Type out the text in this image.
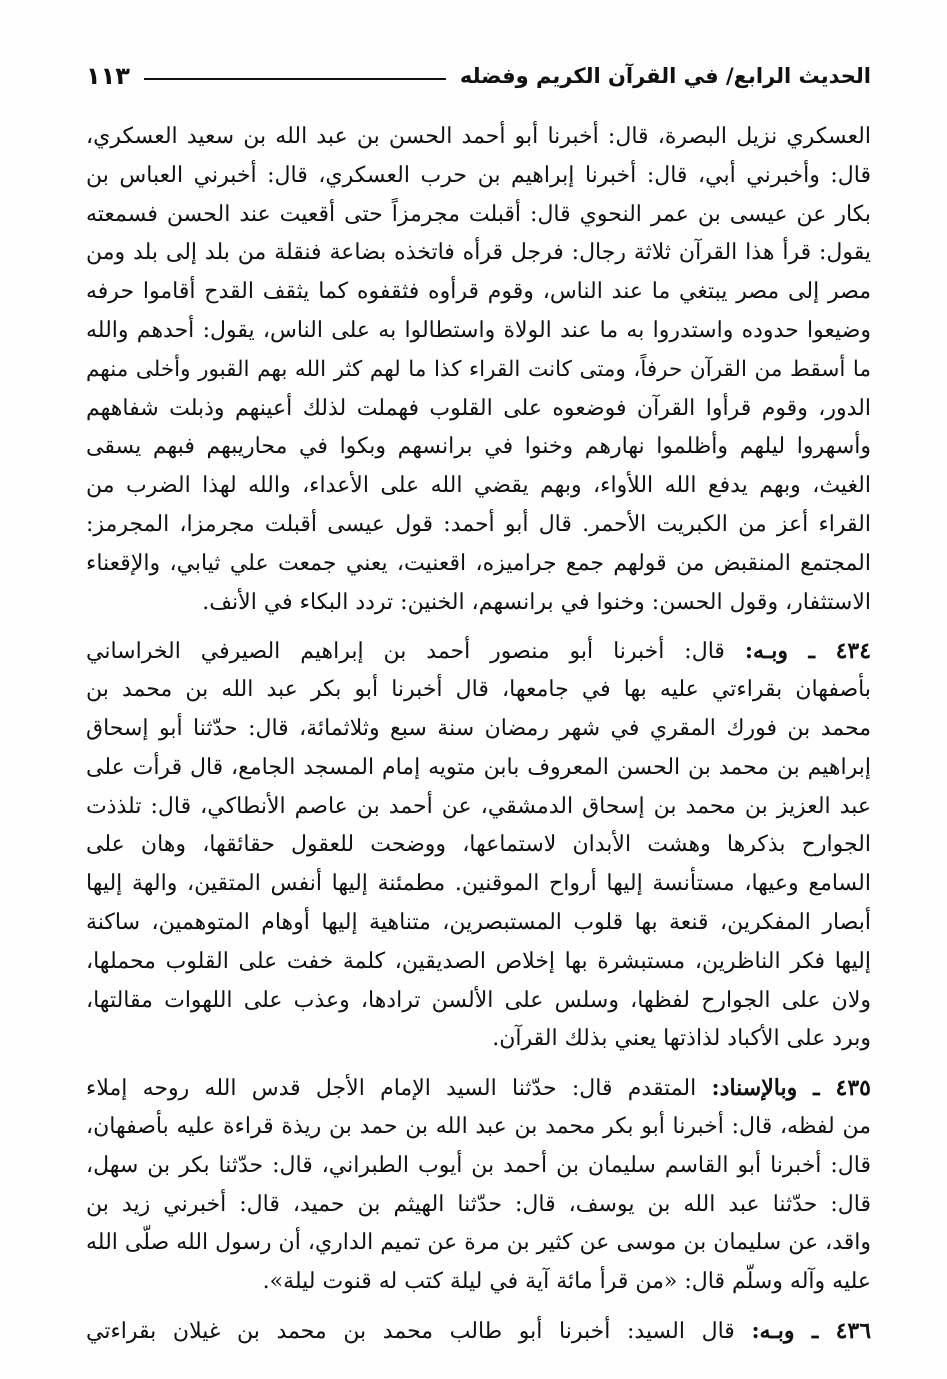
الحديث الرابع/ في القرآن الكريم وفضله
١١٣
العسكري نزيل البصرة، قال: أخبرنا أبو أحمد الحسن بن عبد الله بن سعيد العسكري،
قال: وأخبرني أبي، قال: أخبرنا إبراهيم بن حرب العسكري، قال: أخبرني العباس بن
بكار عن عيسى بن عمر النحوي قال: أقبلت مجرمزاً حتى أقعيت عند الحسن فسمعته
يقول: قرأ هذا القرآن ثلاثة رجال: فرجل قرأه فاتخذه بضاعة فنقلة من بلد إلى بلد ومن
مصر إلى مصر يبتغي ما عند الناس، وقوم قرأوه فثقفوه كما يثقف القدح أقاموا حرفه
وضيعوا حدوده واستدروا به ما عند الولاة واستطالوا به على الناس، يقول: أحدهم والله
ما أسقط من القرآن حرفاً، ومتى كانت القراء كذا ما لهم كثر الله بهم القبور وأخلى منهم
الدور، وقوم قرأوا القرآن فوضعوه على القلوب فهملت لذلك أعينهم وذبلت شفاههم
وأسهروا ليلهم وأظلموا نهارهم وخنوا في برانسهم وبكوا في محاريبهم فبهم يسقى
الغيث، وبهم يدفع الله اللأواء، وبهم يقضي الله على الأعداء، والله لهذا الضرب من
القراء أعز من الكبريت الأحمر. قال أبو أحمد: قول عيسى أقبلت مجرمزا، المجرمز:
المجتمع المنقبض من قولهم جمع جراميزه، اقعنيت، يعني جمعت علي ثيابي، والإقعناء
الاستثفار، وقول الحسن: وخنوا في برانسهم، الخنين: تردد البكاء في الأنف.
٤٣٤ ـ وبـه: قال: أخبرنا أبو منصور أحمد بن إبراهيم الصيرفي الخراساني
بأصفهان بقراءتي عليه بها في جامعها، قال أخبرنا أبو بكر عبد الله بن محمد بن
محمد بن فورك المقري في شهر رمضان سنة سبع وثلاثمائة، قال: حدّثنا أبو إسحاق
إبراهيم بن محمد بن الحسن المعروف بابن متويه إمام المسجد الجامع، قال قرأت على
عبد العزيز بن محمد بن إسحاق الدمشقي، عن أحمد بن عاصم الأنطاكي، قال: تلذذت
الجوارح بذكرها وهشت الأبدان لاستماعها، ووضحت للعقول حقائقها، وهان على
السامع وعيها، مستأنسة إليها أرواح الموقنين. مطمئنة إليها أنفس المتقين، والهة إليها
أبصار المفكرين، قنعة بها قلوب المستبصرين، متناهية إليها أوهام المتوهمين، ساكنة
إليها فكر الناظرين، مستبشرة بها إخلاص الصديقين، كلمة خفت على القلوب محملها،
ولان على الجوارح لفظها، وسلس على الألسن ترادها، وعذب على اللهوات مقالتها،
وبرد على الأكباد لذاذتها يعني بذلك القرآن.
٤٣٥ ـ وبالإسناد: المتقدم قال: حدّثنا السيد الإمام الأجل قدس الله روحه إملاء
من لفظه، قال: أخبرنا أبو بكر محمد بن عبد الله بن حمد بن ريذة قراءة عليه بأصفهان،
قال: أخبرنا أبو القاسم سليمان بن أحمد بن أيوب الطبراني، قال: حدّثنا بكر بن سهل،
قال: حدّثنا عبد الله بن يوسف، قال: حدّثنا الهيثم بن حميد، قال: أخبرني زيد بن
واقد، عن سليمان بن موسى عن كثير بن مرة عن تميم الداري، أن رسول الله صلّى الله
عليه وآله وسلّم قال: «من قرأ مائة آية في ليلة كتب له قنوت ليلة».
٤٣٦ ـ وبـه: قال السيد: أخبرنا أبو طالب محمد بن محمد بن غيلان بقراءتي
